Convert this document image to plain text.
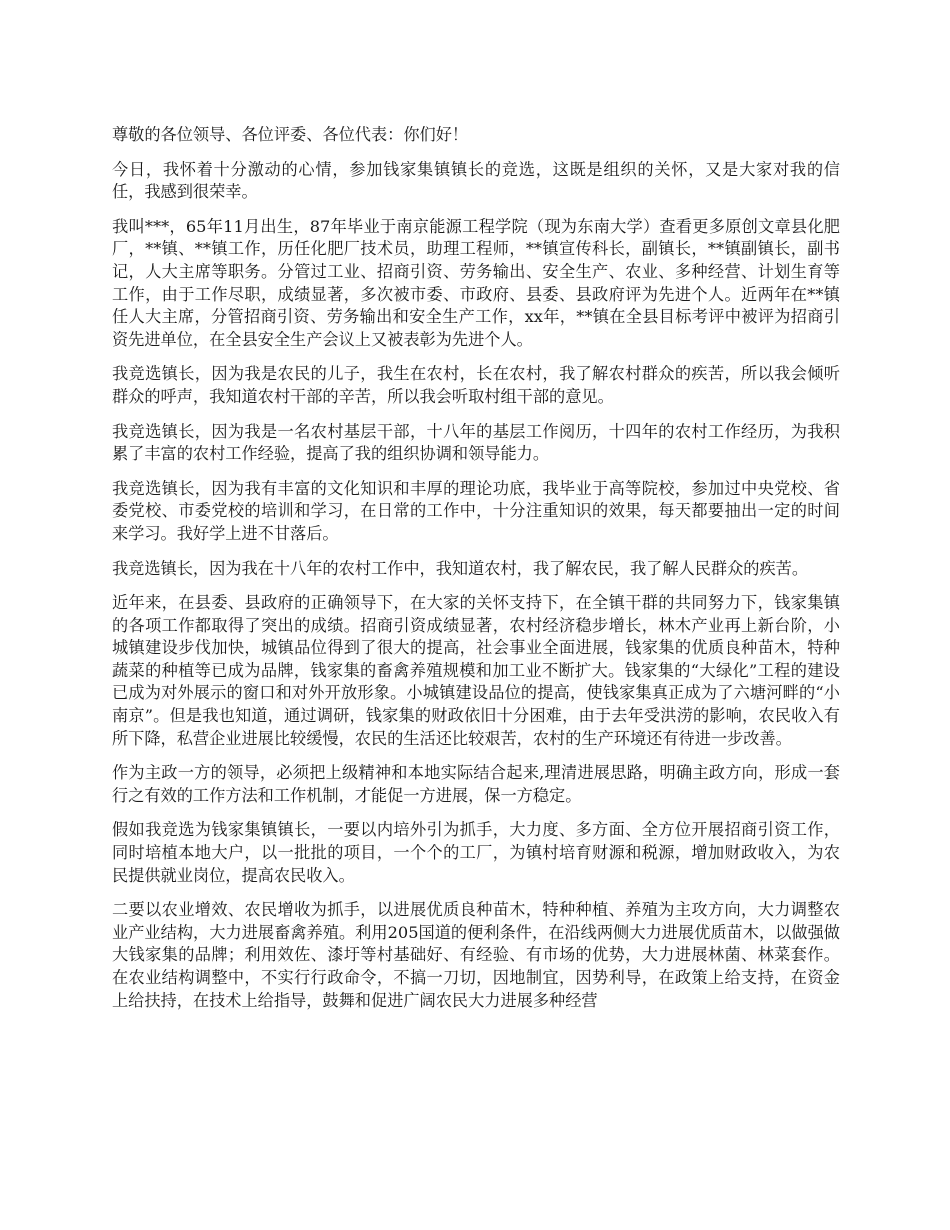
尊敬的各位领导、各位评委、各位代表：你们好！

今日，我怀着十分激动的心情，参加钱家集镇镇长的竞选，这既是组织的关怀，又是大家对我的信任，我感到很荣幸。

我叫***，65年11月出生，87年毕业于南京能源工程学院（现为东南大学）查看更多原创文章县化肥厂，**镇、**镇工作，历任化肥厂技术员，助理工程师，**镇宣传科长，副镇长，**镇副镇长，副书记，人大主席等职务。分管过工业、招商引资、劳务输出、安全生产、农业、多种经营、计划生育等工作，由于工作尽职，成绩显著，多次被市委、市政府、县委、县政府评为先进个人。近两年在**镇任人大主席，分管招商引资、劳务输出和安全生产工作，xx年，**镇在全县目标考评中被评为招商引资先进单位，在全县安全生产会议上又被表彰为先进个人。

我竞选镇长，因为我是农民的儿子，我生在农村，长在农村，我了解农村群众的疾苦，所以我会倾听群众的呼声，我知道农村干部的辛苦，所以我会听取村组干部的意见。

我竞选镇长，因为我是一名农村基层干部，十八年的基层工作阅历，十四年的农村工作经历，为我积累了丰富的农村工作经验，提高了我的组织协调和领导能力。

我竞选镇长，因为我有丰富的文化知识和丰厚的理论功底，我毕业于高等院校，参加过中央党校、省委党校、市委党校的培训和学习，在日常的工作中，十分注重知识的效果，每天都要抽出一定的时间来学习。我好学上进不甘落后。

我竞选镇长，因为我在十八年的农村工作中，我知道农村，我了解农民，我了解人民群众的疾苦。

近年来，在县委、县政府的正确领导下，在大家的关怀支持下，在全镇干群的共同努力下，钱家集镇的各项工作都取得了突出的成绩。招商引资成绩显著，农村经济稳步增长，林木产业再上新台阶，小城镇建设步伐加快，城镇品位得到了很大的提高，社会事业全面进展，钱家集的优质良种苗木，特种蔬菜的种植等已成为品牌，钱家集的畜禽养殖规模和加工业不断扩大。钱家集的“大绿化”工程的建设已成为对外展示的窗口和对外开放形象。小城镇建设品位的提高，使钱家集真正成为了六塘河畔的“小南京”。但是我也知道，通过调研，钱家集的财政依旧十分困难，由于去年受洪涝的影响，农民收入有所下降，私营企业进展比较缓慢，农民的生活还比较艰苦，农村的生产环境还有待进一步改善。

作为主政一方的领导，必须把上级精神和本地实际结合起来,理清进展思路，明确主政方向，形成一套行之有效的工作方法和工作机制，才能促一方进展，保一方稳定。

假如我竞选为钱家集镇镇长，一要以内培外引为抓手，大力度、多方面、全方位开展招商引资工作，同时培植本地大户，以一批批的项目，一个个的工厂，为镇村培育财源和税源，增加财政收入，为农民提供就业岗位，提高农民收入。

二要以农业增效、农民增收为抓手，以进展优质良种苗木，特种种植、养殖为主攻方向，大力调整农业产业结构，大力进展畜禽养殖。利用205国道的便利条件，在沿线两侧大力进展优质苗木，以做强做大钱家集的品牌；利用效佐、漆圩等村基础好、有经验、有市场的优势，大力进展林菌、林菜套作。在农业结构调整中，不实行行政命令，不搞一刀切，因地制宜，因势利导，在政策上给支持，在资金上给扶持，在技术上给指导，鼓舞和促进广阔农民大力进展多种经营
